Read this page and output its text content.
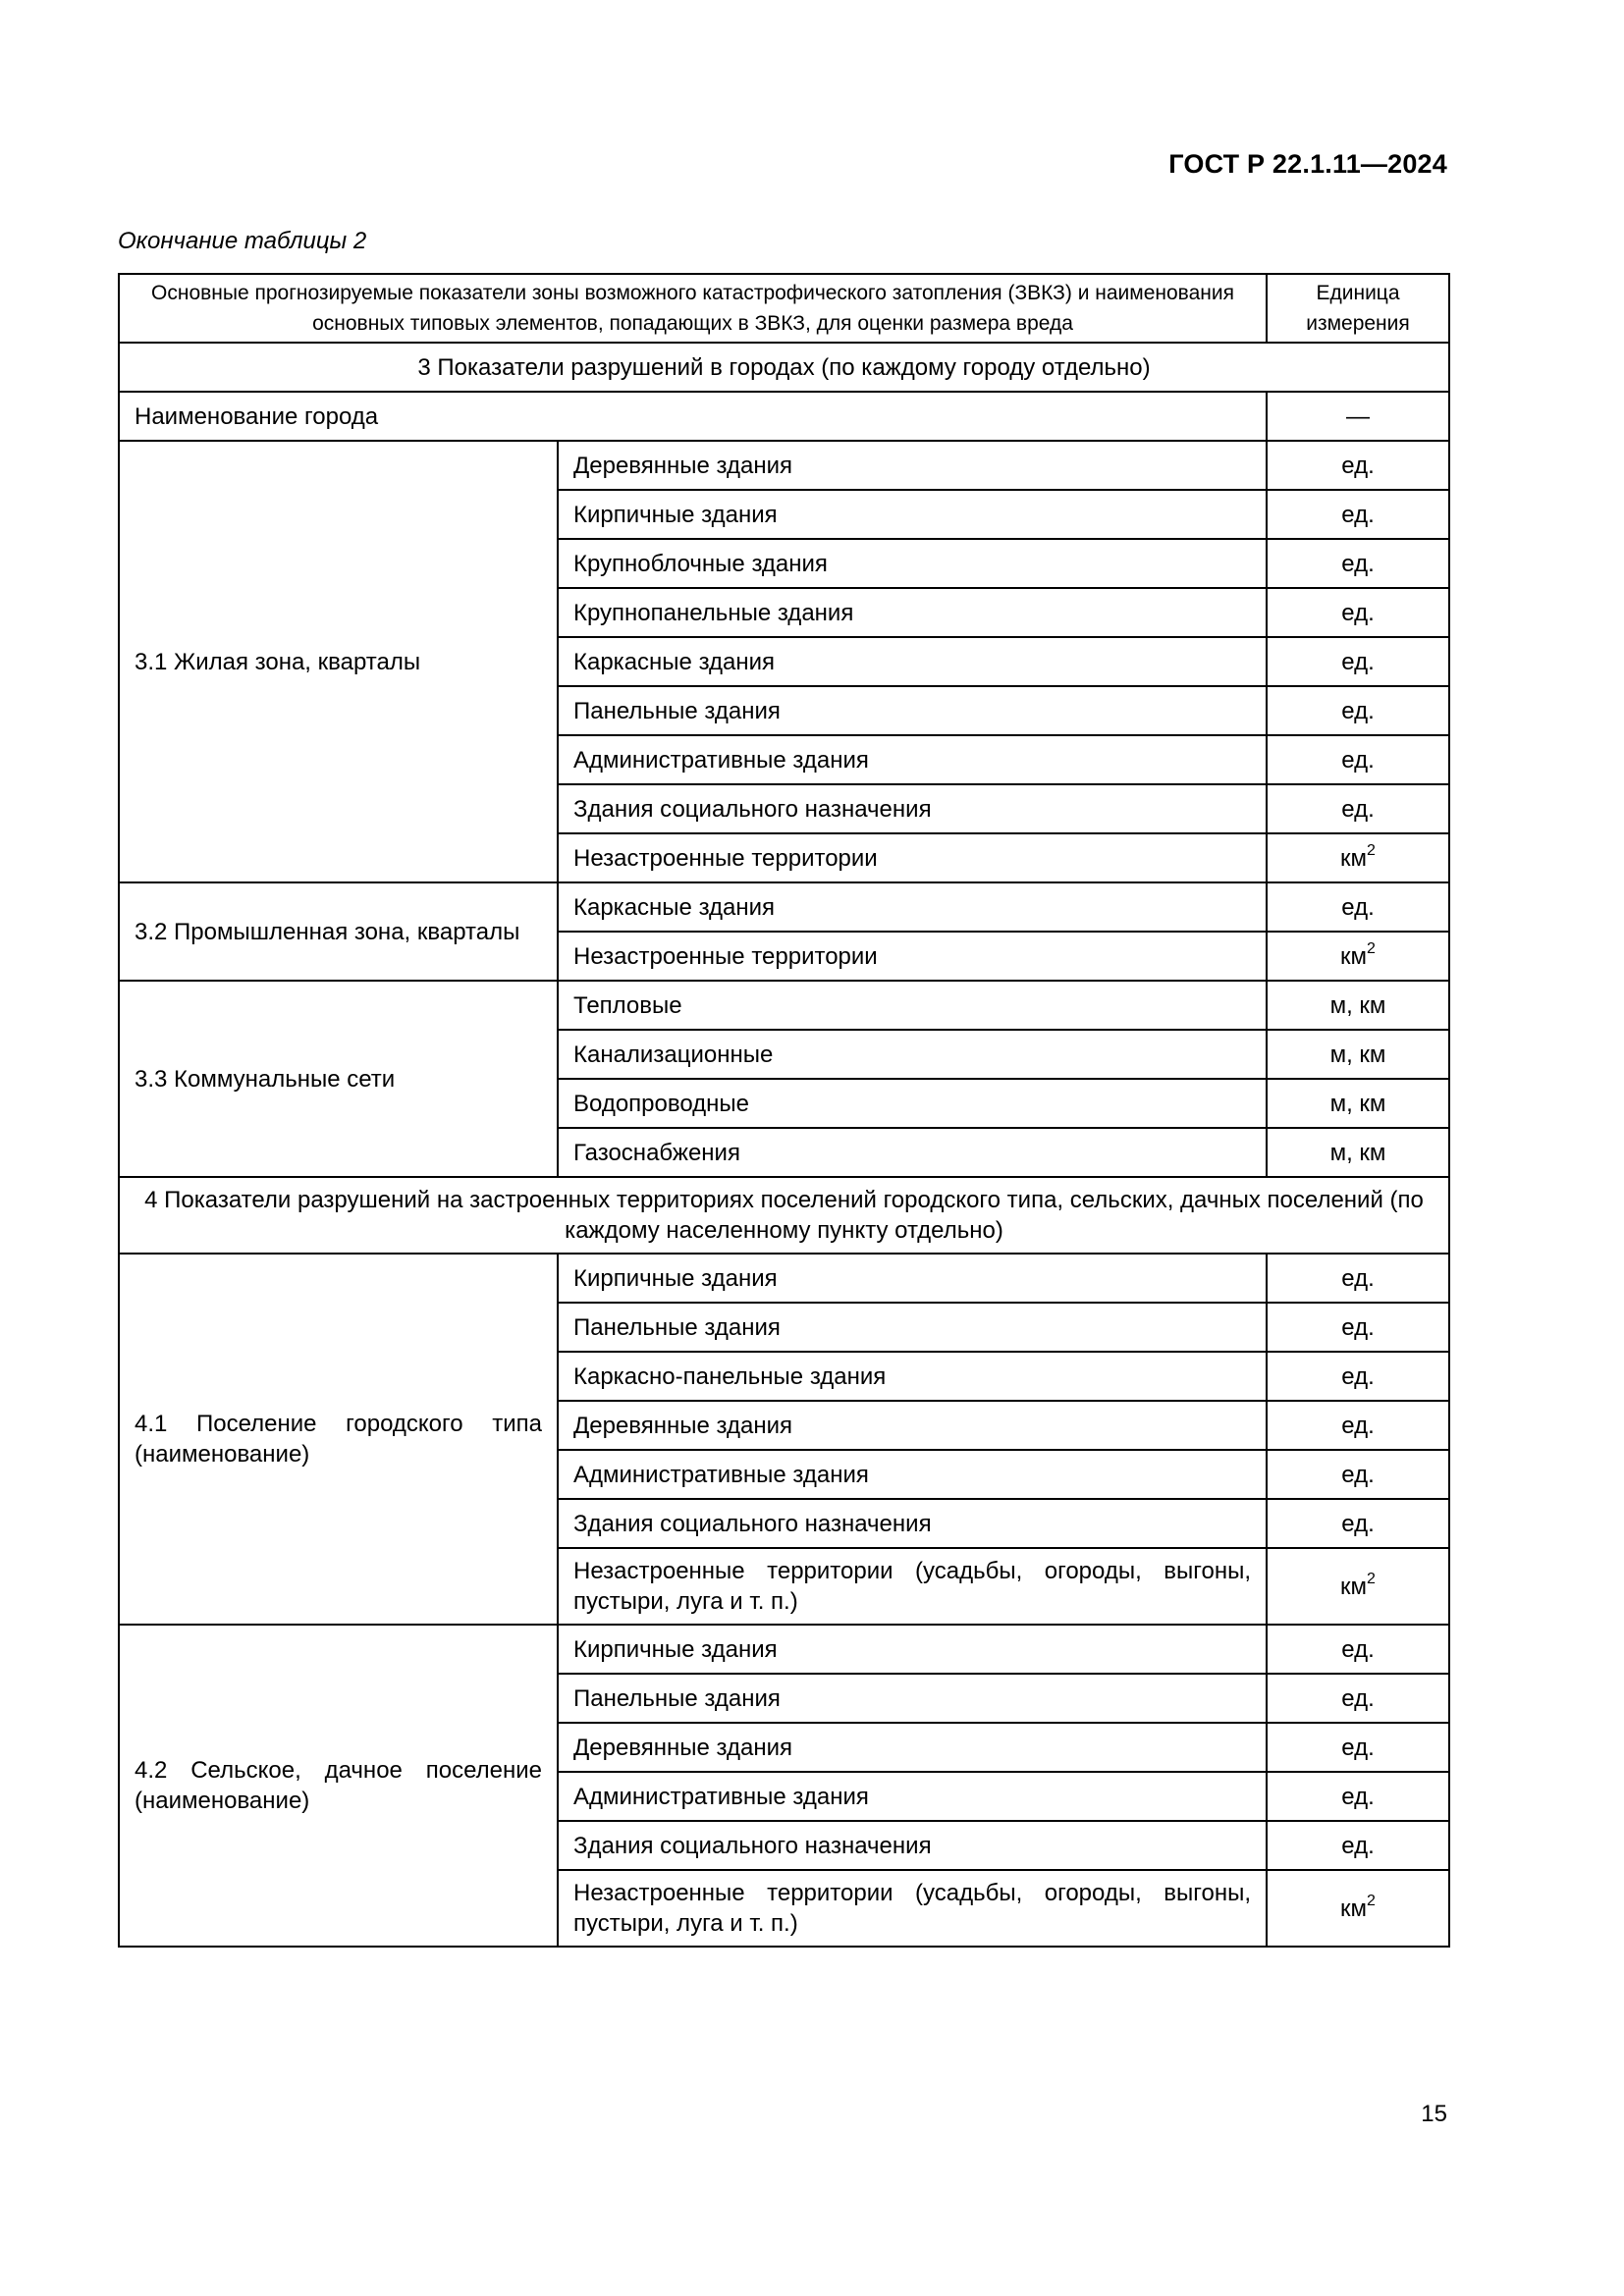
ГОСТ Р 22.1.11—2024
Окончание таблицы 2
Основные прогнозируемые показатели зоны возможного катастрофического затопления (ЗВКЗ) и наименования основных типовых элементов, попадающих в ЗВКЗ, для оценки размера вреда		Единица измерения
3 Показатели разрушений в городах (по каждому городу отдельно)		
Наименование города		—
3.1 Жилая зона, кварталы	Деревянные здания	ед.
	Кирпичные здания	ед.
	Крупноблочные здания	ед.
	Крупнопанельные здания	ед.
	Каркасные здания	ед.
	Панельные здания	ед.
	Административные здания	ед.
	Здания социального назначения	ед.
	Незастроенные территории	$км^2$
3.2 Промышленная зона, кварталы	Каркасные здания	ед.
	Незастроенные территории	$км^2$
3.3 Коммунальные сети	Тепловые	м, км
	Канализационные	м, км
	Водопроводные	м, км
	Газоснабжения	м, км
4 Показатели разрушений на застроенных территориях поселений городского типа, сельских, дачных поселений (по каждому населенному пункту отдельно)		
4.1 Поселение городского типа (наименование)	Кирпичные здания	ед.
	Панельные здания	ед.
	Каркасно-панельные здания	ед.
	Деревянные здания	ед.
	Административные здания	ед.
	Здания социального назначения	ед.
	Незастроенные территории (усадьбы, огороды, выгоны, пустыри, луга и т. п.)	$км^2$
4.2 Сельское, дачное поселение (наименование)	Кирпичные здания	ед.
	Панельные здания	ед.
	Деревянные здания	ед.
	Административные здания	ед.
	Здания социального назначения	ед.
	Незастроенные территории (усадьбы, огороды, выгоны, пустыри, луга и т. п.)	$км^2$
15
